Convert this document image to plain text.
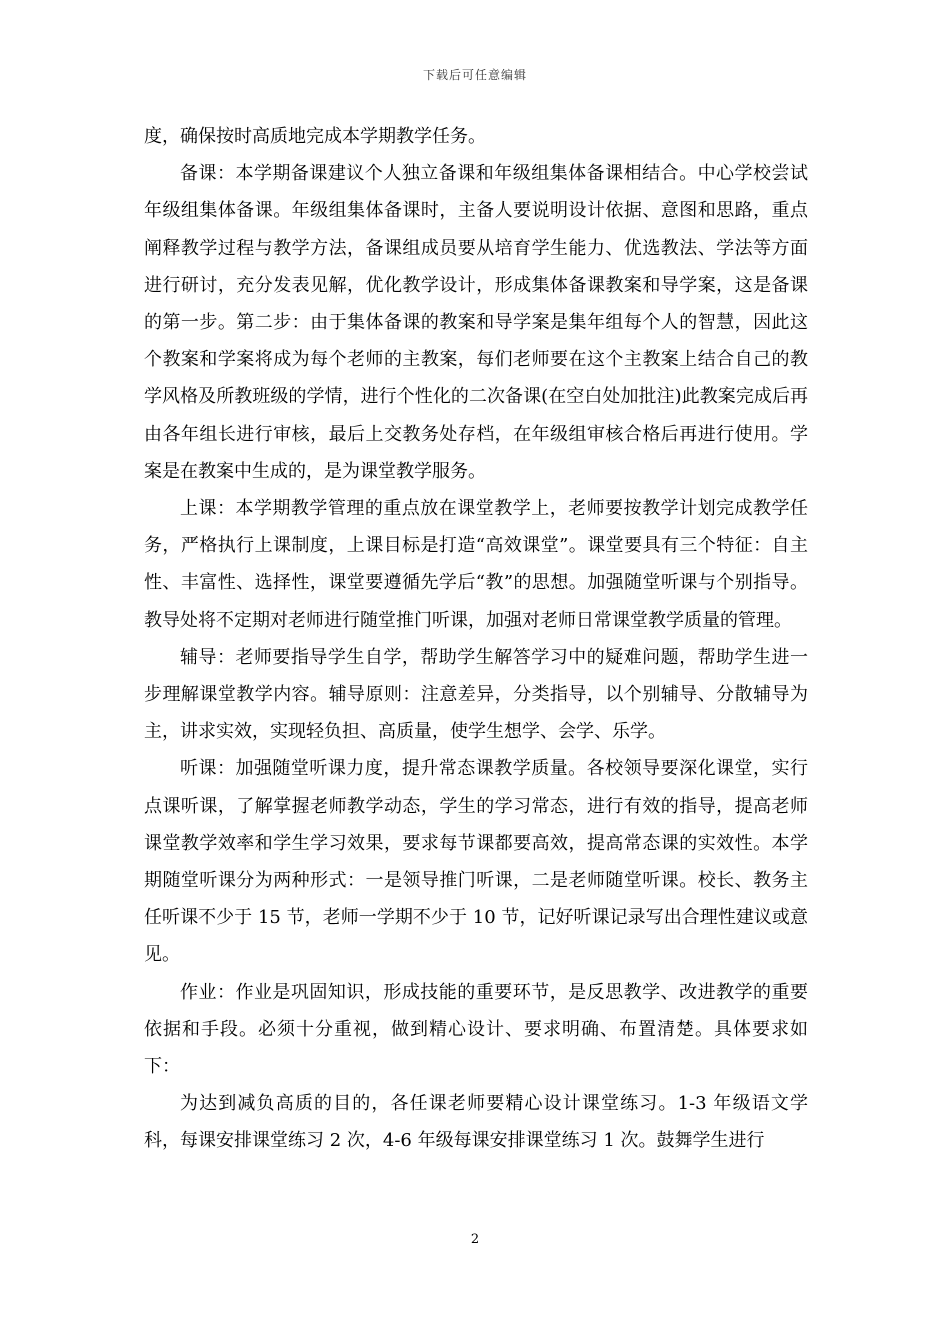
下载后可任意编辑

度，确保按时高质地完成本学期教学任务。

备课：本学期备课建议个人独立备课和年级组集体备课相结合。中心学校尝试年级组集体备课。年级组集体备课时，主备人要说明设计依据、意图和思路，重点阐释教学过程与教学方法，备课组成员要从培育学生能力、优选教法、学法等方面进行研讨，充分发表见解，优化教学设计，形成集体备课教案和导学案，这是备课的第一步。第二步：由于集体备课的教案和导学案是集年组每个人的智慧，因此这个教案和学案将成为每个老师的主教案，每们老师要在这个主教案上结合自己的教学风格及所教班级的学情，进行个性化的二次备课(在空白处加批注)此教案完成后再由各年组长进行审核，最后上交教务处存档，在年级组审核合格后再进行使用。学案是在教案中生成的，是为课堂教学服务。

上课：本学期教学管理的重点放在课堂教学上，老师要按教学计划完成教学任务，严格执行上课制度，上课目标是打造“高效课堂”。课堂要具有三个特征：自主性、丰富性、选择性，课堂要遵循先学后“教”的思想。加强随堂听课与个别指导。教导处将不定期对老师进行随堂推门听课，加强对老师日常课堂教学质量的管理。

辅导：老师要指导学生自学，帮助学生解答学习中的疑难问题，帮助学生进一步理解课堂教学内容。辅导原则：注意差异，分类指导，以个别辅导、分散辅导为主，讲求实效，实现轻负担、高质量，使学生想学、会学、乐学。

听课：加强随堂听课力度，提升常态课教学质量。各校领导要深化课堂，实行点课听课，了解掌握老师教学动态，学生的学习常态，进行有效的指导，提高老师课堂教学效率和学生学习效果，要求每节课都要高效，提高常态课的实效性。本学期随堂听课分为两种形式：一是领导推门听课，二是老师随堂听课。校长、教务主任听课不少于 15 节，老师一学期不少于 10 节，记好听课记录写出合理性建议或意见。

作业：作业是巩固知识，形成技能的重要环节，是反思教学、改进教学的重要依据和手段。必须十分重视，做到精心设计、要求明确、布置清楚。具体要求如下：

为达到减负高质的目的，各任课老师要精心设计课堂练习。1-3 年级语文学科，每课安排课堂练习 2 次，4-6 年级每课安排课堂练习 1 次。鼓舞学生进行

2
